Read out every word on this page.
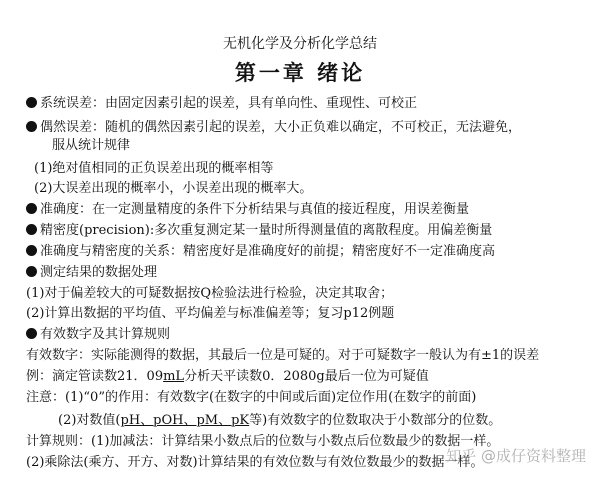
无机化学及分析化学总结
第一章 绪论
系统误差：由固定因素引起的误差，具有单向性、重现性、可校正
偶然误差：随机的偶然因素引起的误差，大小正负难以确定，不可校正，无法避免，
服从统计规律
(1)绝对值相同的正负误差出现的概率相等
(2)大误差出现的概率小，小误差出现的概率大。
准确度：在一定测量精度的条件下分析结果与真值的接近程度，用误差衡量
精密度(precision):多次重复测定某一量时所得测量值的离散程度。用偏差衡量
准确度与精密度的关系：精密度好是准确度好的前提；精密度好不一定准确度高
测定结果的数据处理
(1)对于偏差较大的可疑数据按Q检验法进行检验，决定其取舍；
(2)计算出数据的平均值、平均偏差与标准偏差等；复习p12例题
有效数字及其计算规则
有效数字：实际能测得的数据，其最后一位是可疑的。对于可疑数字一般认为有±1的误差
例：滴定管读数21．09mL分析天平读数0．2080g最后一位为可疑值
注意：(1)“0”的作用：有效数字(在数字的中间或后面)定位作用(在数字的前面)
(2)对数值(pH、pOH、pM、pK等)有效数字的位数取决于小数部分的位数。
计算规则：(1)加减法：计算结果小数点后的位数与小数点后位数最少的数据一样。
(2)乘除法(乘方、开方、对数)计算结果的有效位数与有效位数最少的数据一样。
知乎 @成仔资料整理
